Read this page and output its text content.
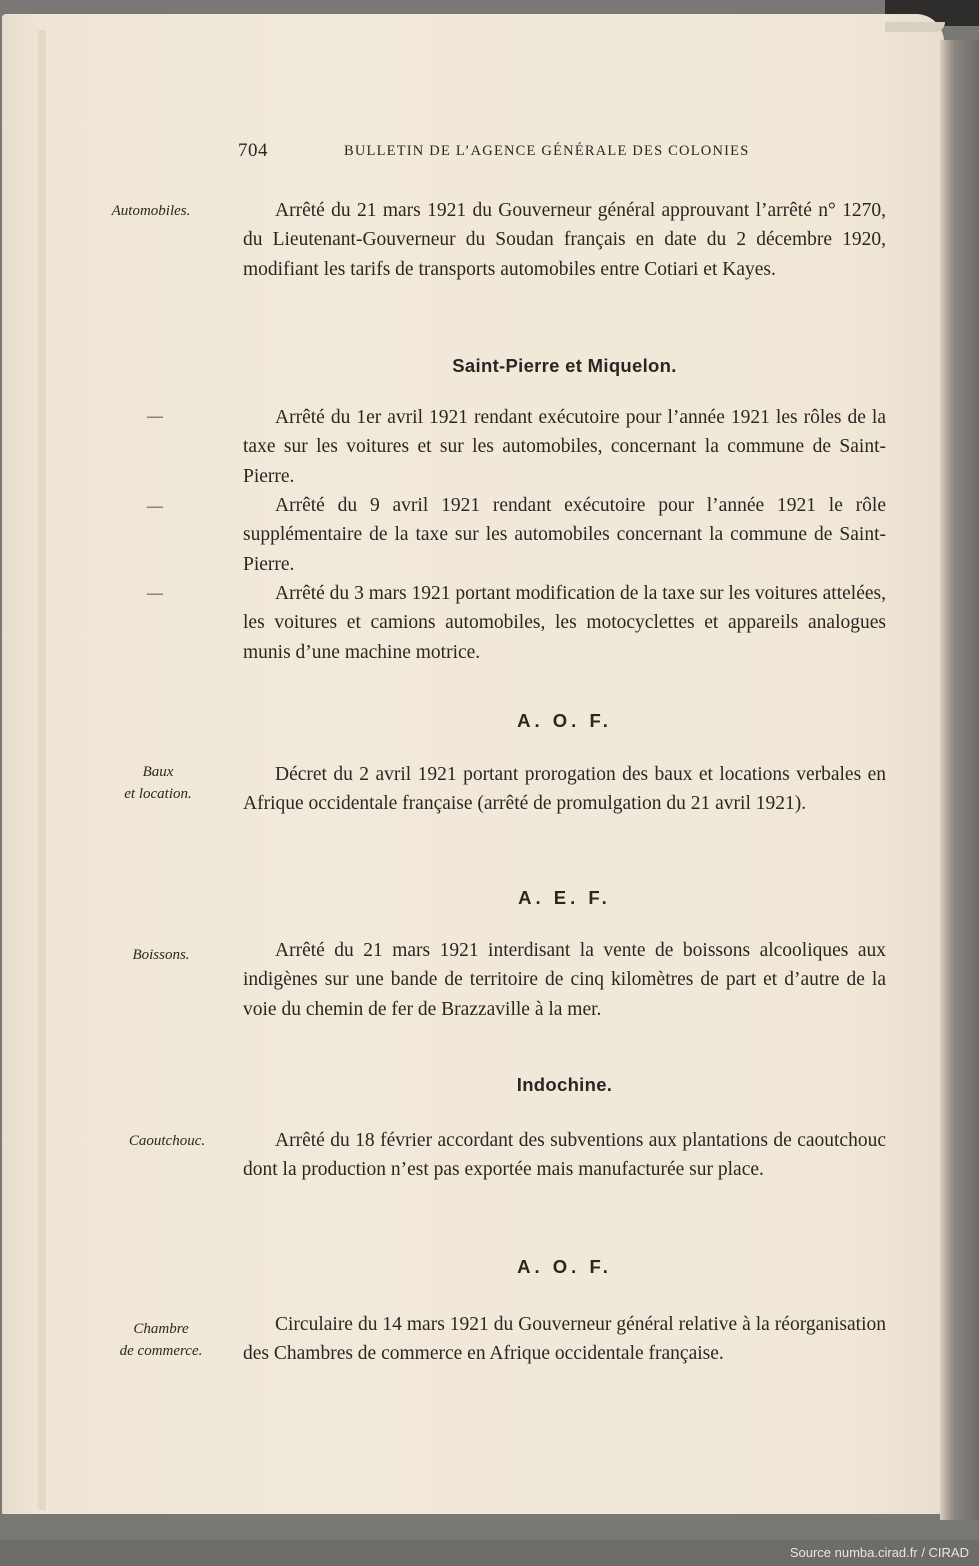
704	BULLETIN DE L’AGENCE GÉNÉRALE DES COLONIES
Automobiles.
—
—
—
Baux
et location.
Boissons.
Caoutchouc.
Chambre
de commerce.

Arrêté du 21 mars 1921 du Gouverneur général approuvant l’arrêté n° 1270, du Lieutenant-Gouverneur du Soudan français en date du 2 décembre 1920, modifiant les tarifs de transports automobiles entre Cotiari et Kayes.

Saint-Pierre et Miquelon.

Arrêté du 1er avril 1921 rendant exécutoire pour l’année 1921 les rôles de la taxe sur les voitures et sur les automobiles, concernant la commune de Saint-Pierre.

Arrêté du 9 avril 1921 rendant exécutoire pour l’année 1921 le rôle supplémentaire de la taxe sur les automobiles concernant la commune de Saint-Pierre.

Arrêté du 3 mars 1921 portant modification de la taxe sur les voitures attelées, les voitures et camions automobiles, les motocyclettes et appareils analogues munis d’une machine motrice.

A. O. F.

Décret du 2 avril 1921 portant prorogation des baux et locations verbales en Afrique occidentale française (arrêté de promulgation du 21 avril 1921).

A. E. F.

Arrêté du 21 mars 1921 interdisant la vente de boissons alcooliques aux indigènes sur une bande de territoire de cinq kilomètres de part et d’autre de la voie du chemin de fer de Brazzaville à la mer.

Indochine.

Arrêté du 18 février accordant des subventions aux plantations de caoutchouc dont la production n’est pas exportée mais manufacturée sur place.

A. O. F.

Circulaire du 14 mars 1921 du Gouverneur général relative à la réorganisation des Chambres de commerce en Afrique occidentale française.

Source numba.cirad.fr / CIRAD
